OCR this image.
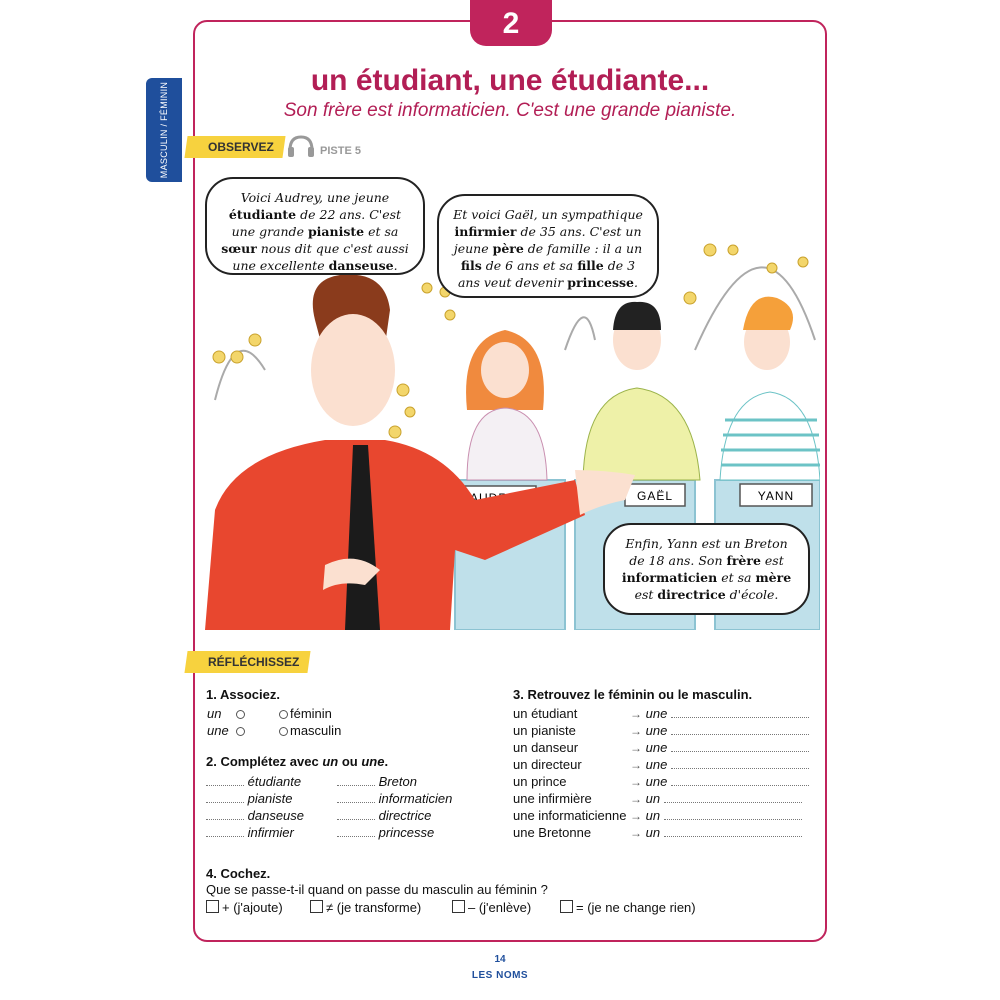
2
MASCULIN / FÉMININ
un étudiant, une étudiante...
Son frère est informaticien. C'est une grande pianiste.
OBSERVEZ	PISTE 5
GAËL	YANN
Voici Audrey, une jeune étudiante de 22 ans. C'est une grande pianiste et sa sœur nous dit que c'est aussi une excellente danseuse.
Et voici Gaël, un sympathique infirmier de 35 ans. C'est un jeune père de famille : il a un fils de 6 ans et sa fille de 3 ans veut devenir princesse.
Enfin, Yann est un Breton de 18 ans. Son frère est informaticien et sa mère est directrice d'école.
RÉFLÉCHISSEZ
1. Associez.
un
une
féminin
masculin
2. Complétez avec un ou une.
étudiante	Breton
pianiste	informaticien
danseuse	directrice
infirmier	princesse
3. Retrouvez le féminin ou le masculin.
un étudiant	→ une
un pianiste	→ une
un danseur	→ une
un directeur	→ une
un prince	→ une
une infirmière	→ un
une informaticienne → un
une Bretonne	→ un
4. Cochez.
Que se passe-t-il quand on passe du masculin au féminin ?
+ (j'ajoute)	≠ (je transforme)	– (j'enlève)	= (je ne change rien)
14
LES NOMS
